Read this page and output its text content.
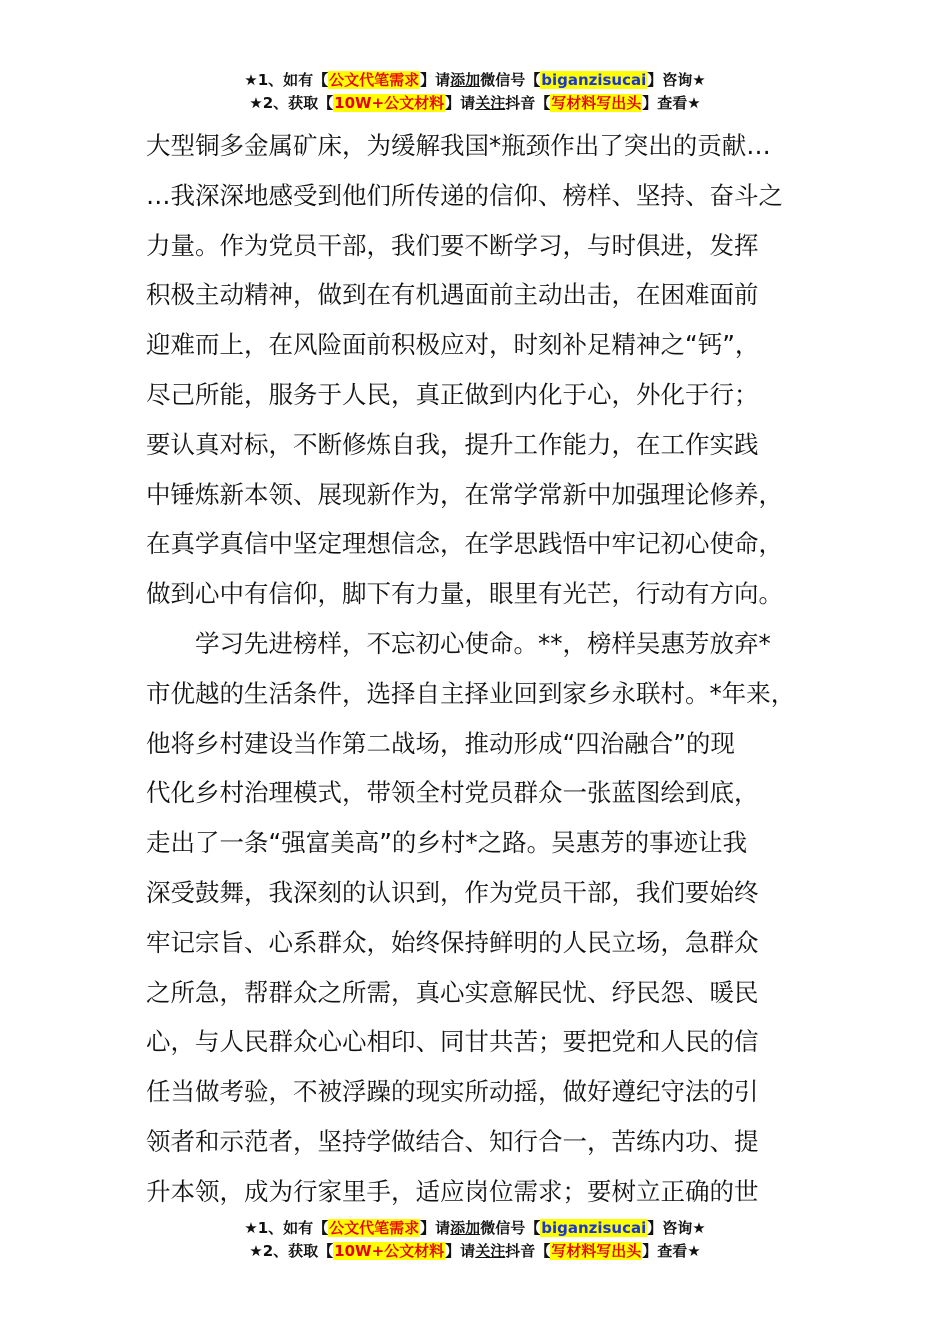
★1、如有【公文代笔需求】请添加微信号【biganzisucai】咨询★
★2、获取【10W+公文材料】请关注抖音【写材料写出头】查看★
大型铜多金属矿床，为缓解我国*瓶颈作出了突出的贡献…
…我深深地感受到他们所传递的信仰、榜样、坚持、奋斗之
力量。作为党员干部，我们要不断学习，与时俱进，发挥
积极主动精神，做到在有机遇面前主动出击，在困难面前
迎难而上，在风险面前积极应对，时刻补足精神之“钙”，
尽己所能，服务于人民，真正做到内化于心，外化于行；
要认真对标，不断修炼自我，提升工作能力，在工作实践
中锤炼新本领、展现新作为，在常学常新中加强理论修养，
在真学真信中坚定理想信念，在学思践悟中牢记初心使命，
做到心中有信仰，脚下有力量，眼里有光芒，行动有方向。
学习先进榜样，不忘初心使命。**，榜样吴惠芳放弃*
市优越的生活条件，选择自主择业回到家乡永联村。*年来，
他将乡村建设当作第二战场，推动形成“四治融合”的现
代化乡村治理模式，带领全村党员群众一张蓝图绘到底，
走出了一条“强富美高”的乡村*之路。吴惠芳的事迹让我
深受鼓舞，我深刻的认识到，作为党员干部，我们要始终
牢记宗旨、心系群众，始终保持鲜明的人民立场，急群众
之所急，帮群众之所需，真心实意解民忧、纾民怨、暖民
心，与人民群众心心相印、同甘共苦；要把党和人民的信
任当做考验，不被浮躁的现实所动摇，做好遵纪守法的引
领者和示范者，坚持学做结合、知行合一，苦练内功、提
升本领，成为行家里手，适应岗位需求；要树立正确的世
★1、如有【公文代笔需求】请添加微信号【biganzisucai】咨询★
★2、获取【10W+公文材料】请关注抖音【写材料写出头】查看★
